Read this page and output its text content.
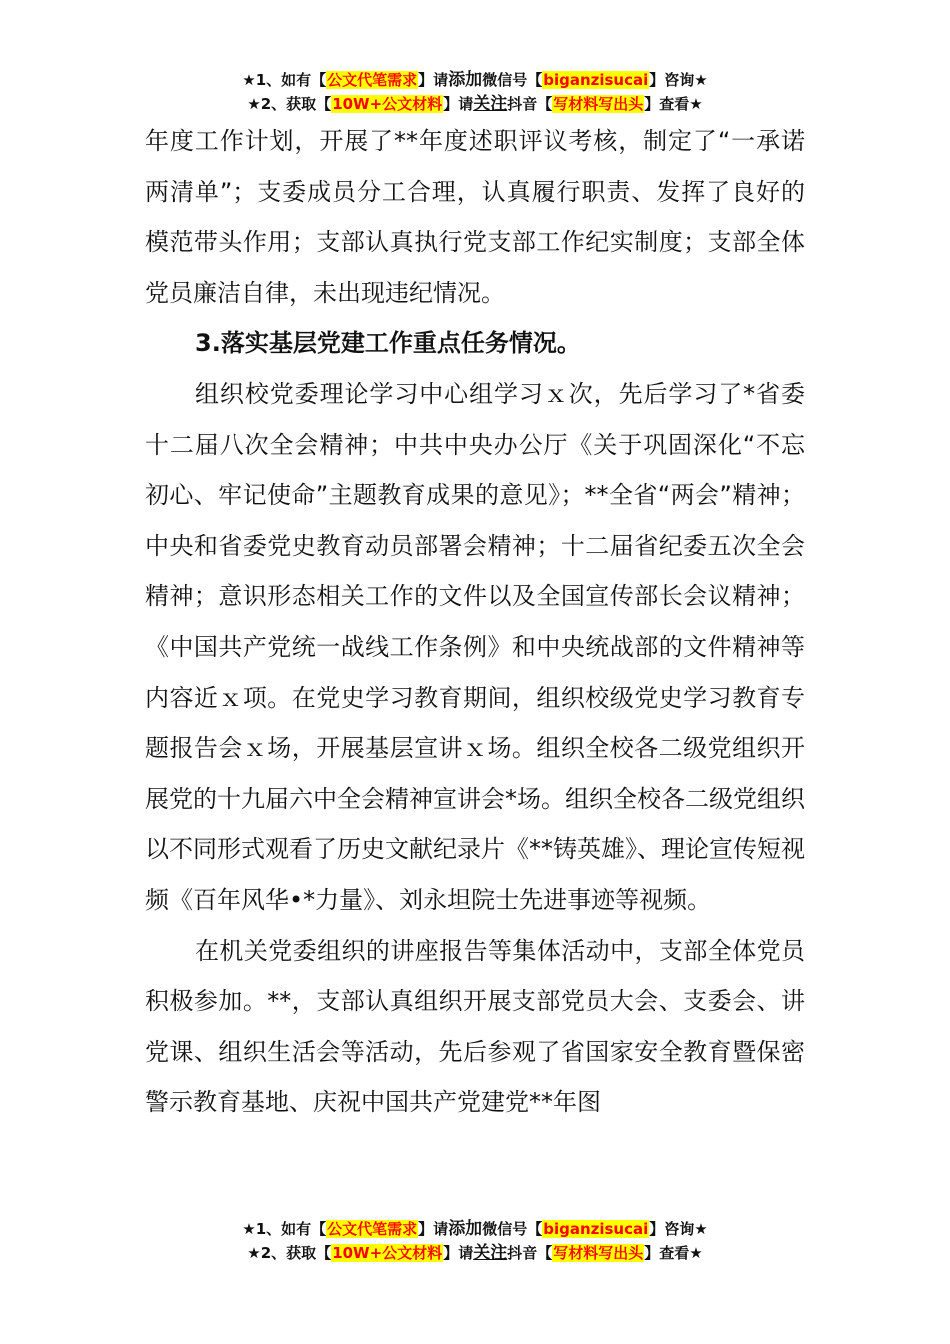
★1、如有【公文代笔需求】请添加微信号【biganzisucai】咨询★
★2、获取【10W+公文材料】请关注抖音【写材料写出头】查看★

年度工作计划，开展了**年度述职评议考核，制定了“一承诺两清单”；支委成员分工合理，认真履行职责、发挥了良好的模范带头作用；支部认真执行党支部工作纪实制度；支部全体党员廉洁自律，未出现违纪情况。

3.落实基层党建工作重点任务情况。

组织校党委理论学习中心组学习ｘ次，先后学习了*省委十二届八次全会精神；中共中央办公厅《关于巩固深化“不忘初心、牢记使命”主题教育成果的意见》；**全省“两会”精神；中央和省委党史教育动员部署会精神；十二届省纪委五次全会精神；意识形态相关工作的文件以及全国宣传部长会议精神；《中国共产党统一战线工作条例》和中央统战部的文件精神等内容近ｘ项。在党史学习教育期间，组织校级党史学习教育专题报告会ｘ场，开展基层宣讲ｘ场。组织全校各二级党组织开展党的十九届六中全会精神宣讲会*场。组织全校各二级党组织以不同形式观看了历史文献纪录片《**铸英雄》、理论宣传短视频《百年风华•*力量》、刘永坦院士先进事迹等视频。

在机关党委组织的讲座报告等集体活动中，支部全体党员积极参加。**，支部认真组织开展支部党员大会、支委会、讲党课、组织生活会等活动，先后参观了省国家安全教育暨保密警示教育基地、庆祝中国共产党建党**年图

★1、如有【公文代笔需求】请添加微信号【biganzisucai】咨询★
★2、获取【10W+公文材料】请关注抖音【写材料写出头】查看★
